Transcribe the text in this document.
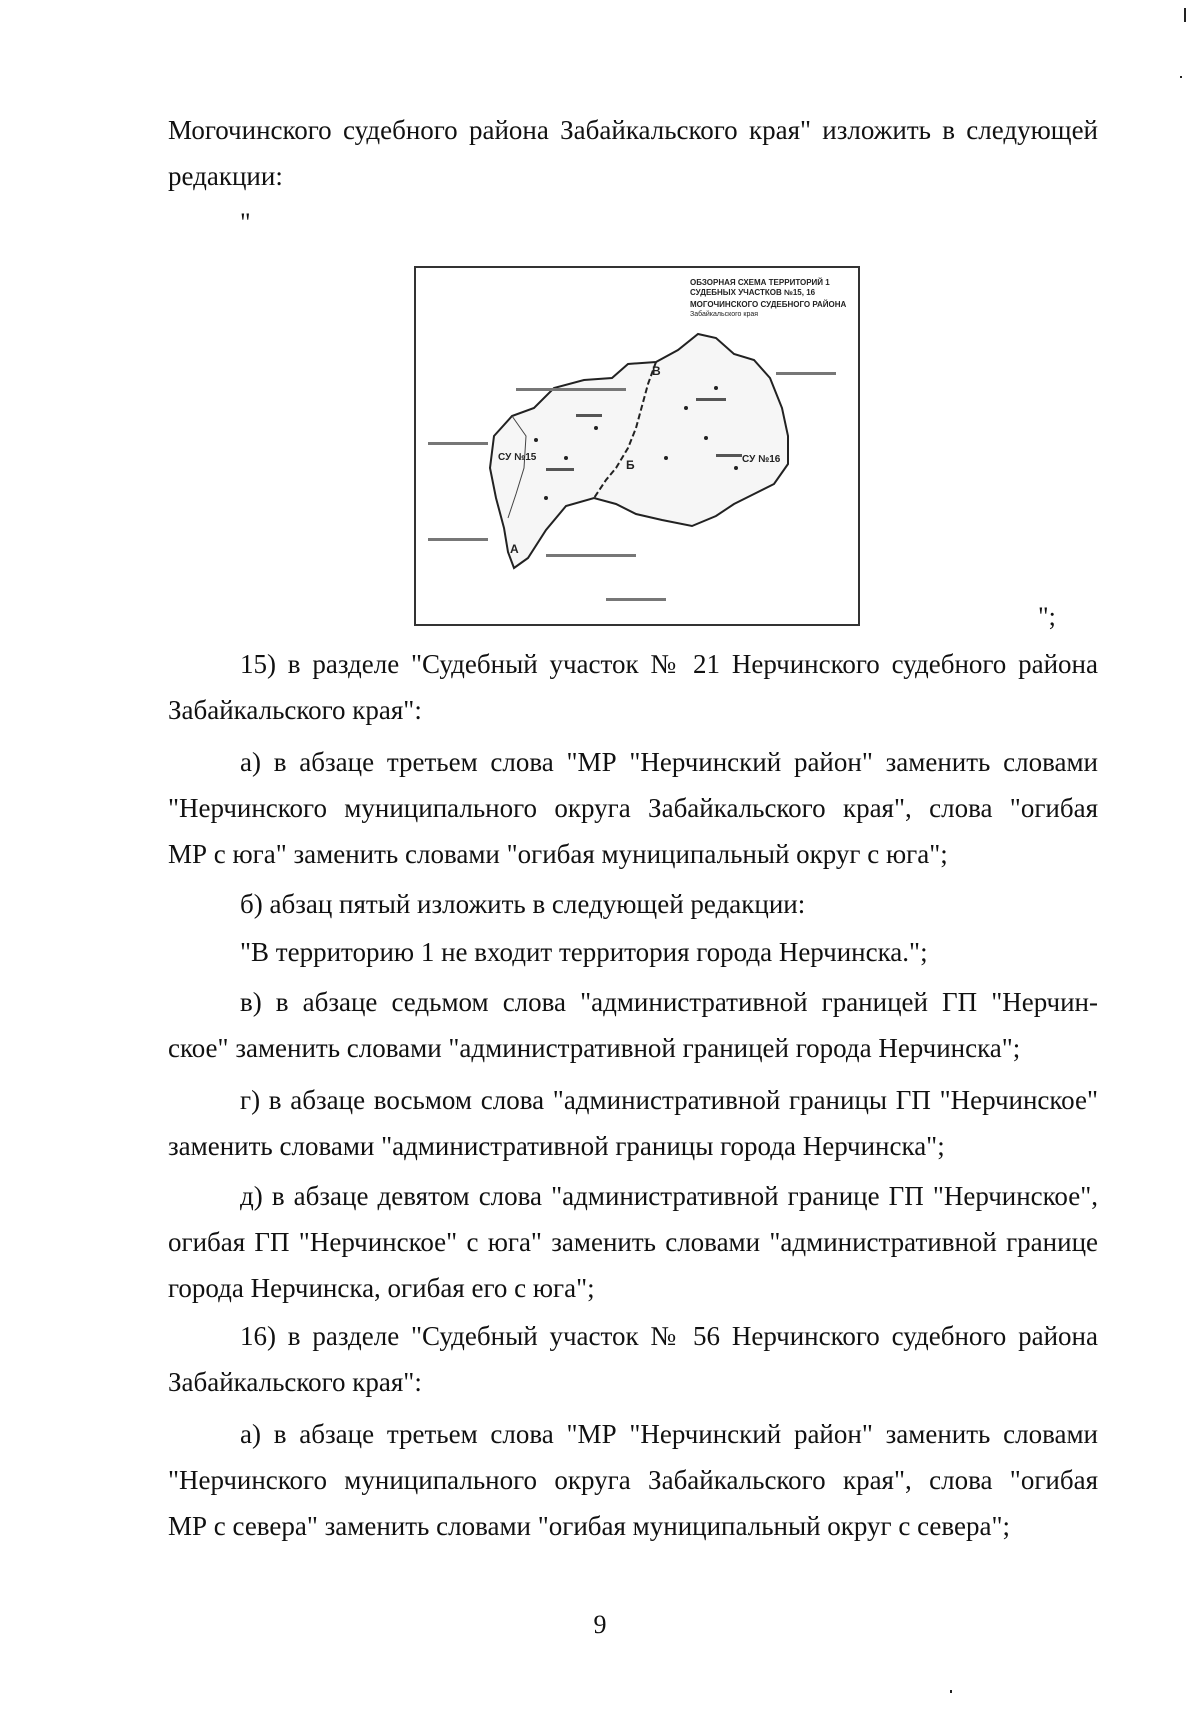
Могочинского судебного района Забайкальского края" изложить в следующей
редакции:
"
ОБЗОРНАЯ СХЕМА ТЕРРИТОРИЙ 1
СУДЕБНЫХ УЧАСТКОВ №15, 16
МОГОЧИНСКОГО СУДЕБНОГО РАЙОНА
Забайкальского края
СУ №15	СУ №16
А
Б
В
";
15) в разделе "Судебный участок № 21 Нерчинского судебного района
Забайкальского края":
а) в абзаце третьем слова "МР "Нерчинский район" заменить словами
"Нерчинского муниципального округа Забайкальского края", слова "огибая
МР с юга" заменить словами "огибая муниципальный округ с юга";
б) абзац пятый изложить в следующей редакции:
"В территорию 1 не входит территория города Нерчинска.";
в) в абзаце седьмом слова "административной границей ГП "Нерчин-
ское" заменить словами "административной границей города Нерчинска";
г) в абзаце восьмом слова "административной границы ГП "Нерчинское"
заменить словами "административной границы города Нерчинска";
д) в абзаце девятом слова "административной границе ГП "Нерчинское",
огибая ГП "Нерчинское" с юга" заменить словами "административной границе
города Нерчинска, огибая его с юга";
16) в разделе "Судебный участок № 56 Нерчинского судебного района
Забайкальского края":
а) в абзаце третьем слова "МР "Нерчинский район" заменить словами
"Нерчинского муниципального округа Забайкальского края", слова "огибая
МР с севера" заменить словами "огибая муниципальный округ с севера";
9
